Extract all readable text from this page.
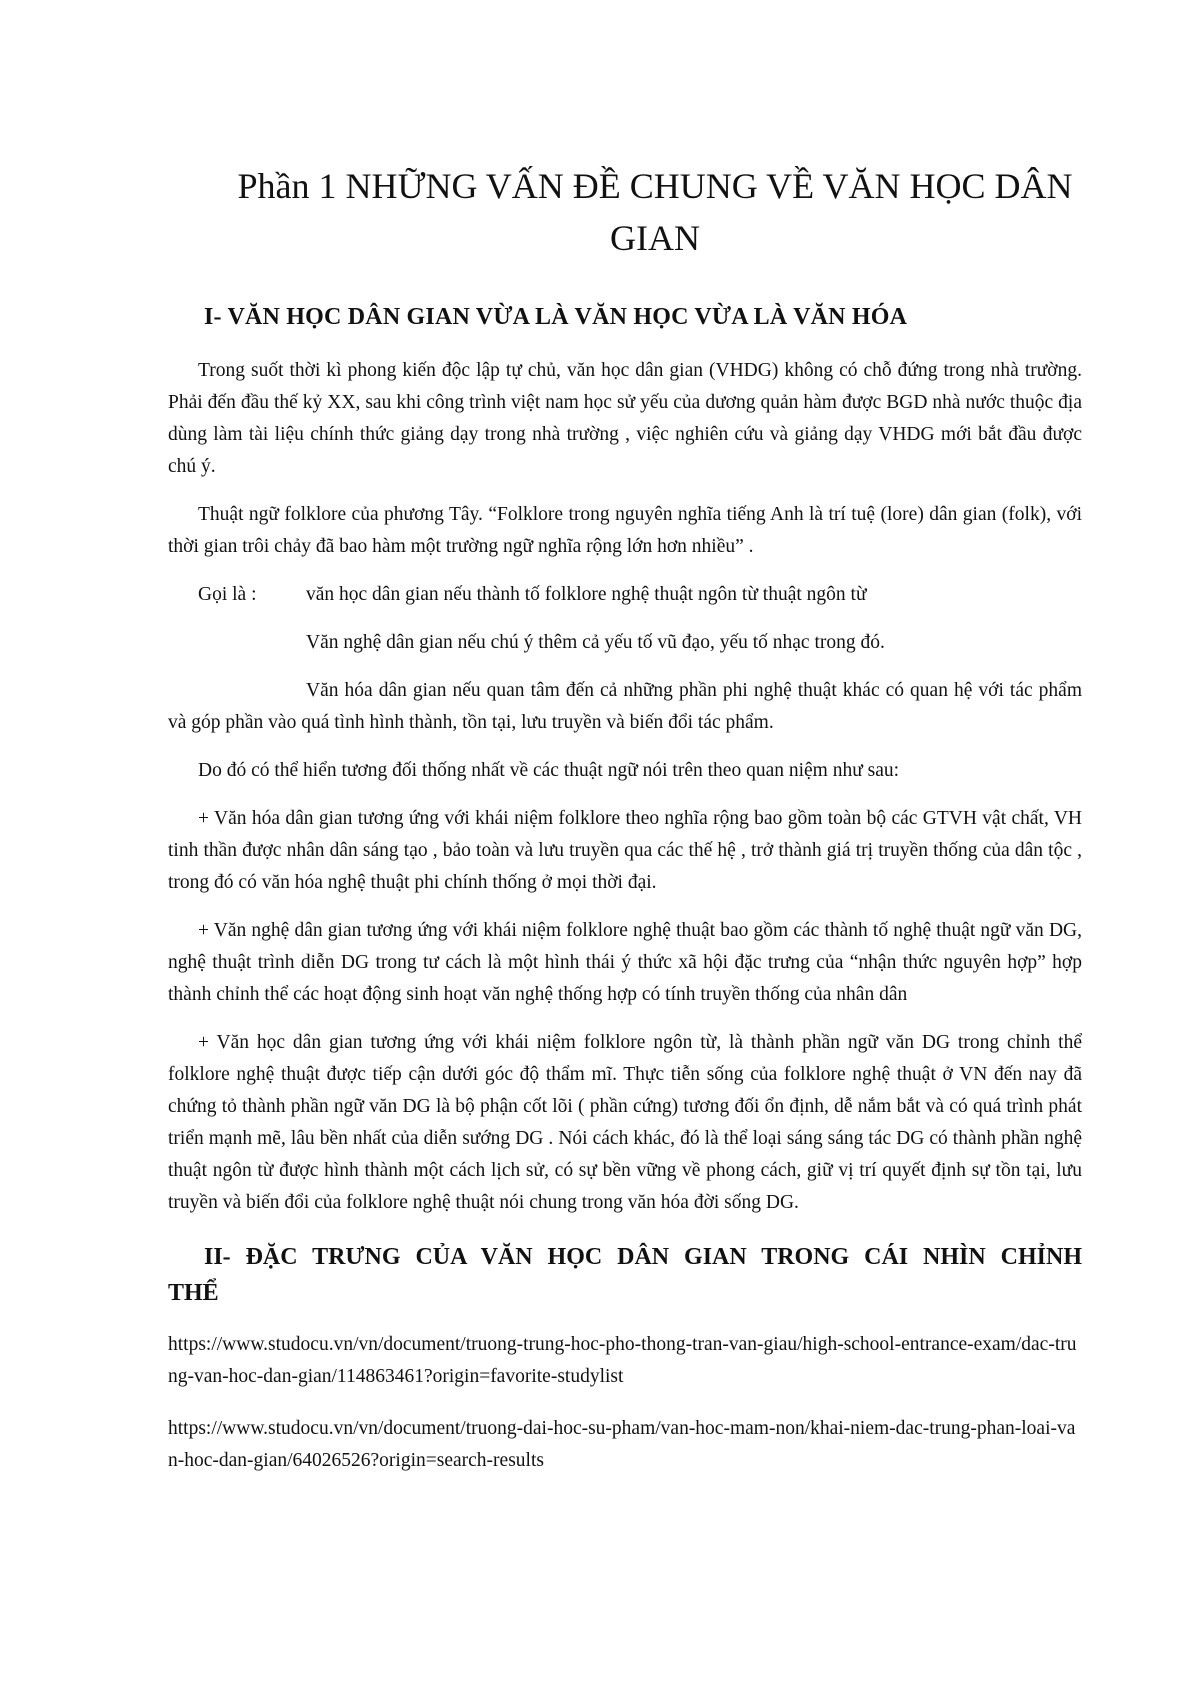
Phần 1 NHỮNG VẤN ĐỀ CHUNG VỀ VĂN HỌC DÂN
GIAN
I- VĂN HỌC DÂN GIAN VỪA LÀ VĂN HỌC VỪA LÀ VĂN HÓA

Trong suốt thời kì phong kiến độc lập tự chủ, văn học dân gian (VHDG) không có chỗ đứng trong nhà trường. Phải đến đầu thế kỷ XX, sau khi công trình việt nam học sử yếu của dương quản hàm được BGD nhà nước thuộc địa dùng làm tài liệu chính thức giảng dạy trong nhà trường , việc nghiên cứu và giảng dạy VHDG mới bắt đầu được chú ý.

Thuật ngữ folklore của phương Tây. “Folklore trong nguyên nghĩa tiếng Anh là trí tuệ (lore) dân gian (folk), với thời gian trôi chảy đã bao hàm một trường ngữ nghĩa rộng lớn hơn nhiều” .

Gọi là :	văn học dân gian nếu thành tố folklore nghệ thuật ngôn từ thuật ngôn từ
Văn nghệ dân gian nếu chú ý thêm cả yếu tố vũ đạo, yếu tố nhạc trong đó.

Văn hóa dân gian nếu quan tâm đến cả những phần phi nghệ thuật khác có quan hệ với tác phẩm và góp phần vào quá tình hình thành, tồn tại, lưu truyền và biến đổi tác phẩm.

Do đó có thể hiển tương đối thống nhất về các thuật ngữ nói trên theo quan niệm như sau:

+ Văn hóa dân gian tương ứng với khái niệm folklore theo nghĩa rộng bao gồm toàn bộ các GTVH vật chất, VH tinh thần được nhân dân sáng tạo , bảo toàn và lưu truyền qua các thế hệ , trở thành giá trị truyền thống của dân tộc , trong đó có văn hóa nghệ thuật phi chính thống ở mọi thời đại.

+ Văn nghệ dân gian tương ứng với khái niệm folklore nghệ thuật bao gồm các thành tố nghệ thuật ngữ văn DG, nghệ thuật trình diễn DG trong tư cách là một hình thái ý thức xã hội đặc trưng của “nhận thức nguyên hợp” hợp thành chỉnh thể các hoạt động sinh hoạt văn nghệ thống hợp có tính truyền thống của nhân dân

+ Văn học dân gian tương ứng với khái niệm folklore ngôn từ, là thành phần ngữ văn DG trong chỉnh thể folklore nghệ thuật được tiếp cận dưới góc độ thẩm mĩ. Thực tiễn sống của folklore nghệ thuật ở VN đến nay đã chứng tỏ thành phần ngữ văn DG là bộ phận cốt lõi ( phần cứng) tương đối ổn định, dễ nắm bắt và có quá trình phát triển mạnh mẽ, lâu bền nhất của diễn sướng DG . Nói cách khác, đó là thể loại sáng sáng tác DG có thành phần nghệ thuật ngôn từ được hình thành một cách lịch sử, có sự bền vững về phong cách, giữ vị trí quyết định sự tồn tại, lưu truyền và biến đổi của folklore nghệ thuật nói chung trong văn hóa đời sống DG.

II- ĐẶC TRƯNG CỦA VĂN HỌC DÂN GIAN TRONG CÁI NHÌN CHỈNH THỂ
https://www.studocu.vn/vn/document/truong-trung-hoc-pho-thong-tran-van-giau/high-school-entrance-exam/dac-trung-van-hoc-dan-gian/114863461?origin=favorite-studylist
https://www.studocu.vn/vn/document/truong-dai-hoc-su-pham/van-hoc-mam-non/khai-niem-dac-trung-phan-loai-van-hoc-dan-gian/64026526?origin=search-results
